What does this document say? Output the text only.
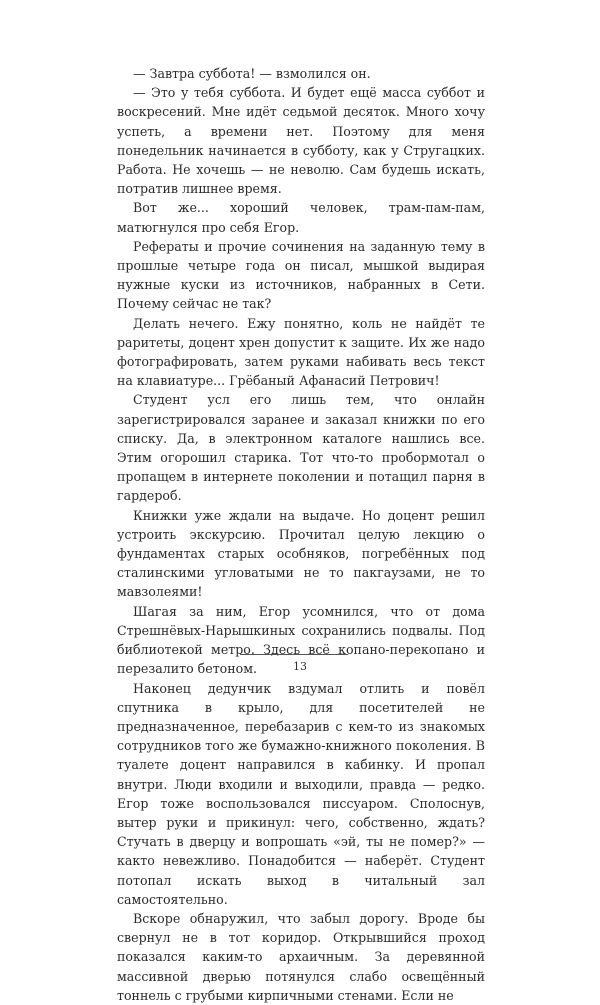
— Завтра суббота! — взмолился он.

— Это у тебя суббота. И будет ещё масса суббот и воскресений. Мне идёт седьмой десяток. Много хочу успеть, а времени нет. Поэтому для меня понедельник начинается в субботу, как у Стругацких. Работа. Не хочешь — не неволю. Сам будешь искать, потратив лишнее время.

Вот же... хороший человек, трам-пам-пам, матюгнулся про себя Егор.

Рефераты и прочие сочинения на заданную тему в прошлые четыре года он писал, мышкой выдирая нужные куски из источников, набранных в Сети. Почему сейчас не так?

Делать нечего. Ежу понятно, коль не найдёт те раритеты, доцент хрен допустит к защите. Их же надо фотографировать, затем руками набивать весь текст на клавиатуре... Грёбаный Афанасий Петрович!

Студент усл его лишь тем, что онлайн зарегистрировался заранее и заказал книжки по его списку. Да, в электронном каталоге нашлись все. Этим огорошил старика. Тот что-то пробормотал о пропащем в интернете поколении и потащил парня в гардероб.

Книжки уже ждали на выдаче. Но доцент решил устроить экскурсию. Прочитал целую лекцию о фундаментах старых особняков, погребённых под сталинскими угловатыми не то пакгаузами, не то мавзолеями!

Шагая за ним, Егор усомнился, что от дома Стрешнёвых-Нарышкиных сохранились подвалы. Под библиотекой метро. Здесь всё копано-перекопано и перезалито бетоном.

Наконец дедунчик вздумал отлить и повёл спутника в крыло, для посетителей не предназначенное, перебазарив с кем-то из знакомых сотрудников того же бумажно-книжного поколения. В туалете доцент направился в кабинку. И пропал внутри. Люди входили и выходили, правда — редко. Егор тоже воспользовался писсуаром. Сполоснув, вытер руки и прикинул: чего, собственно, ждать? Стучать в дверцу и вопрошать «эй, ты не помер?» — както невежливо. Понадобится — наберёт. Студент потопал искать выход в читальный зал самостоятельно.

Вскоре обнаружил, что забыл дорогу. Вроде бы свернул не в тот коридор. Открывшийся проход показался каким-то архаичным. За деревянной массивной дверью потянулся слабо освещённый тоннель с грубыми кирпичными стенами. Если не

13
